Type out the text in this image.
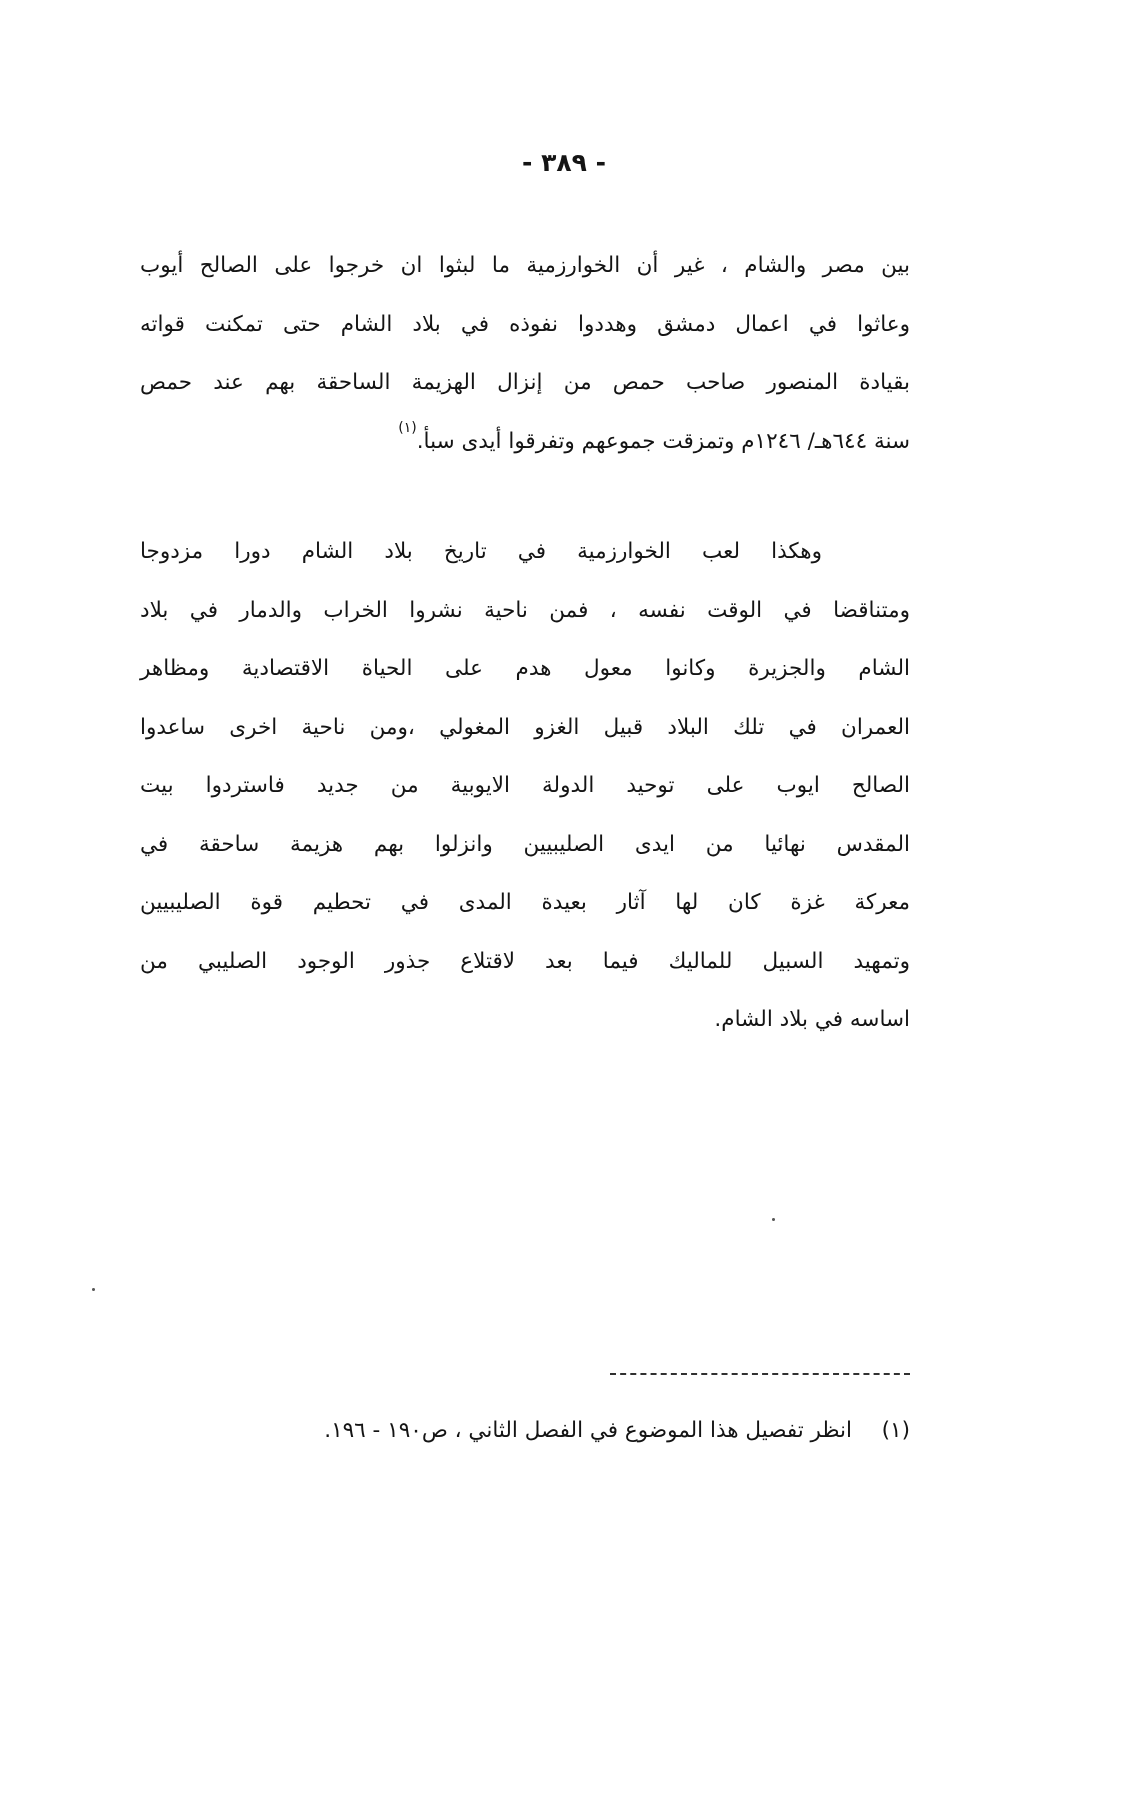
- ٣٨٩ -
بين مصر والشام ، غير أن الخوارزمية ما لبثوا ان خرجوا على الصالح أيوب
وعاثوا في اعمال دمشق وهددوا نفوذه في بلاد الشام حتى تمكنت قواته
بقيادة المنصور صاحب حمص من إنزال الهزيمة الساحقة بهم عند حمص
سنة ٦٤٤هـ/ ١٢٤٦م وتمزقت جموعهم وتفرقوا أيدى سبأ.$^{(١)}$
وهكذا لعب الخوارزمية في تاريخ بلاد الشام دورا مزدوجا
ومتناقضا في الوقت نفسه ، فمن ناحية نشروا الخراب والدمار في بلاد
الشام والجزيرة وكانوا معول هدم على الحياة الاقتصادية ومظاهر
العمران في تلك البلاد قبيل الغزو المغولي ،ومن ناحية اخرى ساعدوا
الصالح ايوب على توحيد الدولة الايوبية من جديد فاستردوا بيت
المقدس نهائيا من ايدى الصليبيين وانزلوا بهم هزيمة ساحقة في
معركة غزة كان لها آثار بعيدة المدى في تحطيم قوة الصليبيين
وتمهيد السبيل للماليك فيما بعد لاقتلاع جذور الوجود الصليبي من
اساسه في بلاد الشام.
(١)انظر تفصيل هذا الموضوع في الفصل الثاني ، ص١٩٠ - ١٩٦.
